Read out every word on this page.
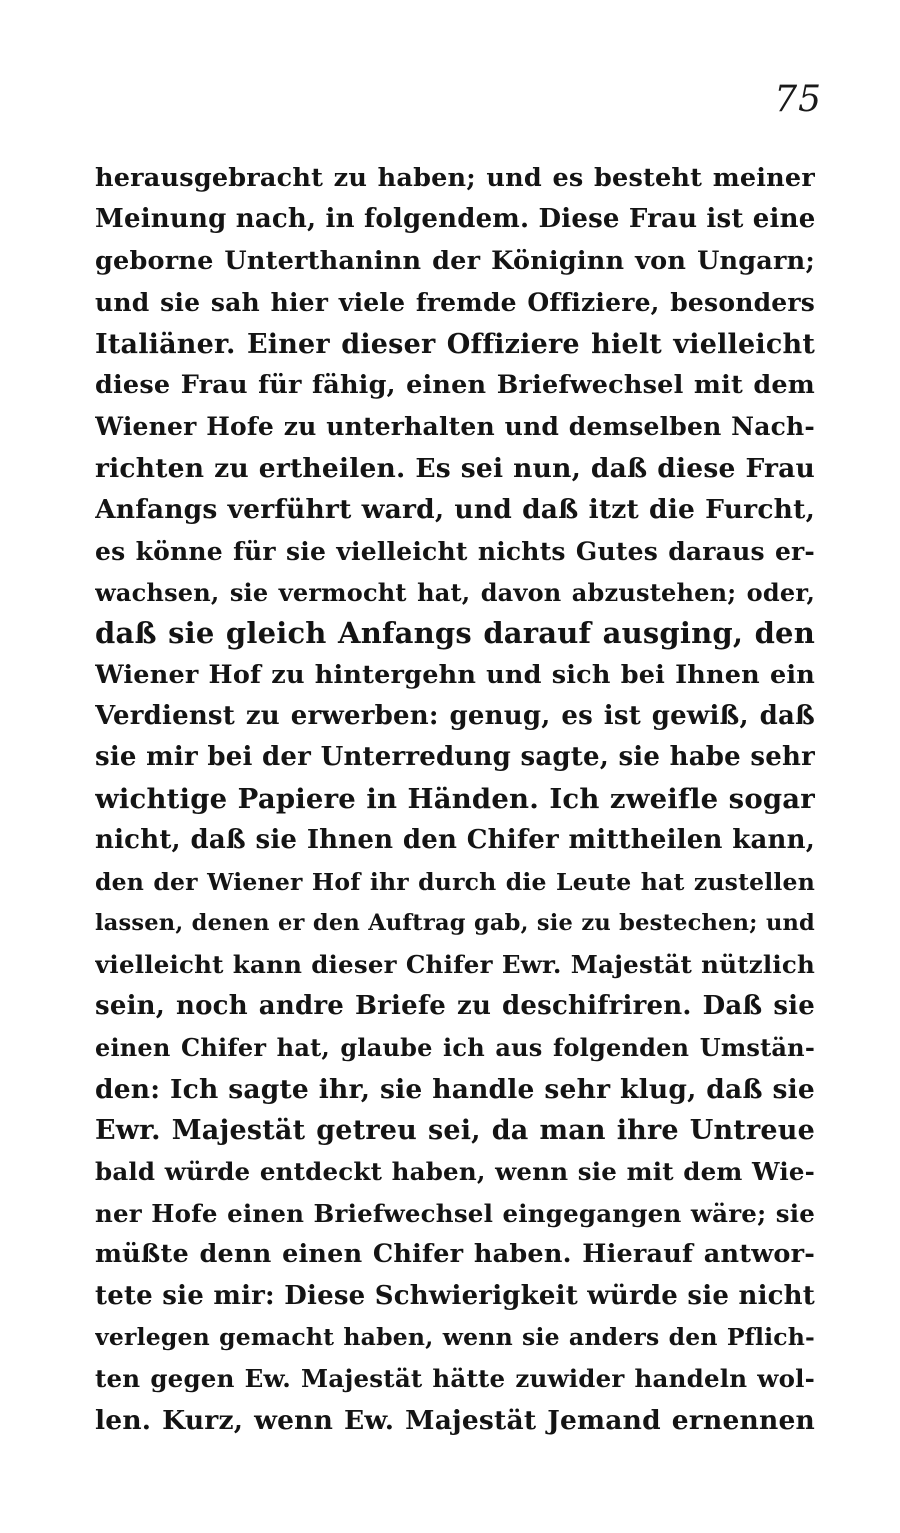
75
herausgebracht zu haben; und es besteht meiner
Meinung nach, in folgendem. Diese Frau ist eine
geborne Unterthaninn der Königinn von Ungarn;
und sie sah hier viele fremde Offiziere, besonders
Italiäner. Einer dieser Offiziere hielt vielleicht
diese Frau für fähig, einen Briefwechsel mit dem
Wiener Hofe zu unterhalten und demselben Nach-
richten zu ertheilen. Es sei nun, daß diese Frau
Anfangs verführt ward, und daß itzt die Furcht,
es könne für sie vielleicht nichts Gutes daraus er-
wachsen, sie vermocht hat, davon abzustehen; oder,
daß sie gleich Anfangs darauf ausging, den
Wiener Hof zu hintergehn und sich bei Ihnen ein
Verdienst zu erwerben: genug, es ist gewiß, daß
sie mir bei der Unterredung sagte, sie habe sehr
wichtige Papiere in Händen. Ich zweifle sogar
nicht, daß sie Ihnen den Chifer mittheilen kann,
den der Wiener Hof ihr durch die Leute hat zustellen
lassen, denen er den Auftrag gab, sie zu bestechen; und
vielleicht kann dieser Chifer Ewr. Majestät nützlich
sein, noch andre Briefe zu deschifriren. Daß sie
einen Chifer hat, glaube ich aus folgenden Umstän-
den: Ich sagte ihr, sie handle sehr klug, daß sie
Ewr. Majestät getreu sei, da man ihre Untreue
bald würde entdeckt haben, wenn sie mit dem Wie-
ner Hofe einen Briefwechsel eingegangen wäre; sie
müßte denn einen Chifer haben. Hierauf antwor-
tete sie mir: Diese Schwierigkeit würde sie nicht
verlegen gemacht haben, wenn sie anders den Pflich-
ten gegen Ew. Majestät hätte zuwider handeln wol-
len. Kurz, wenn Ew. Majestät Jemand ernennen
